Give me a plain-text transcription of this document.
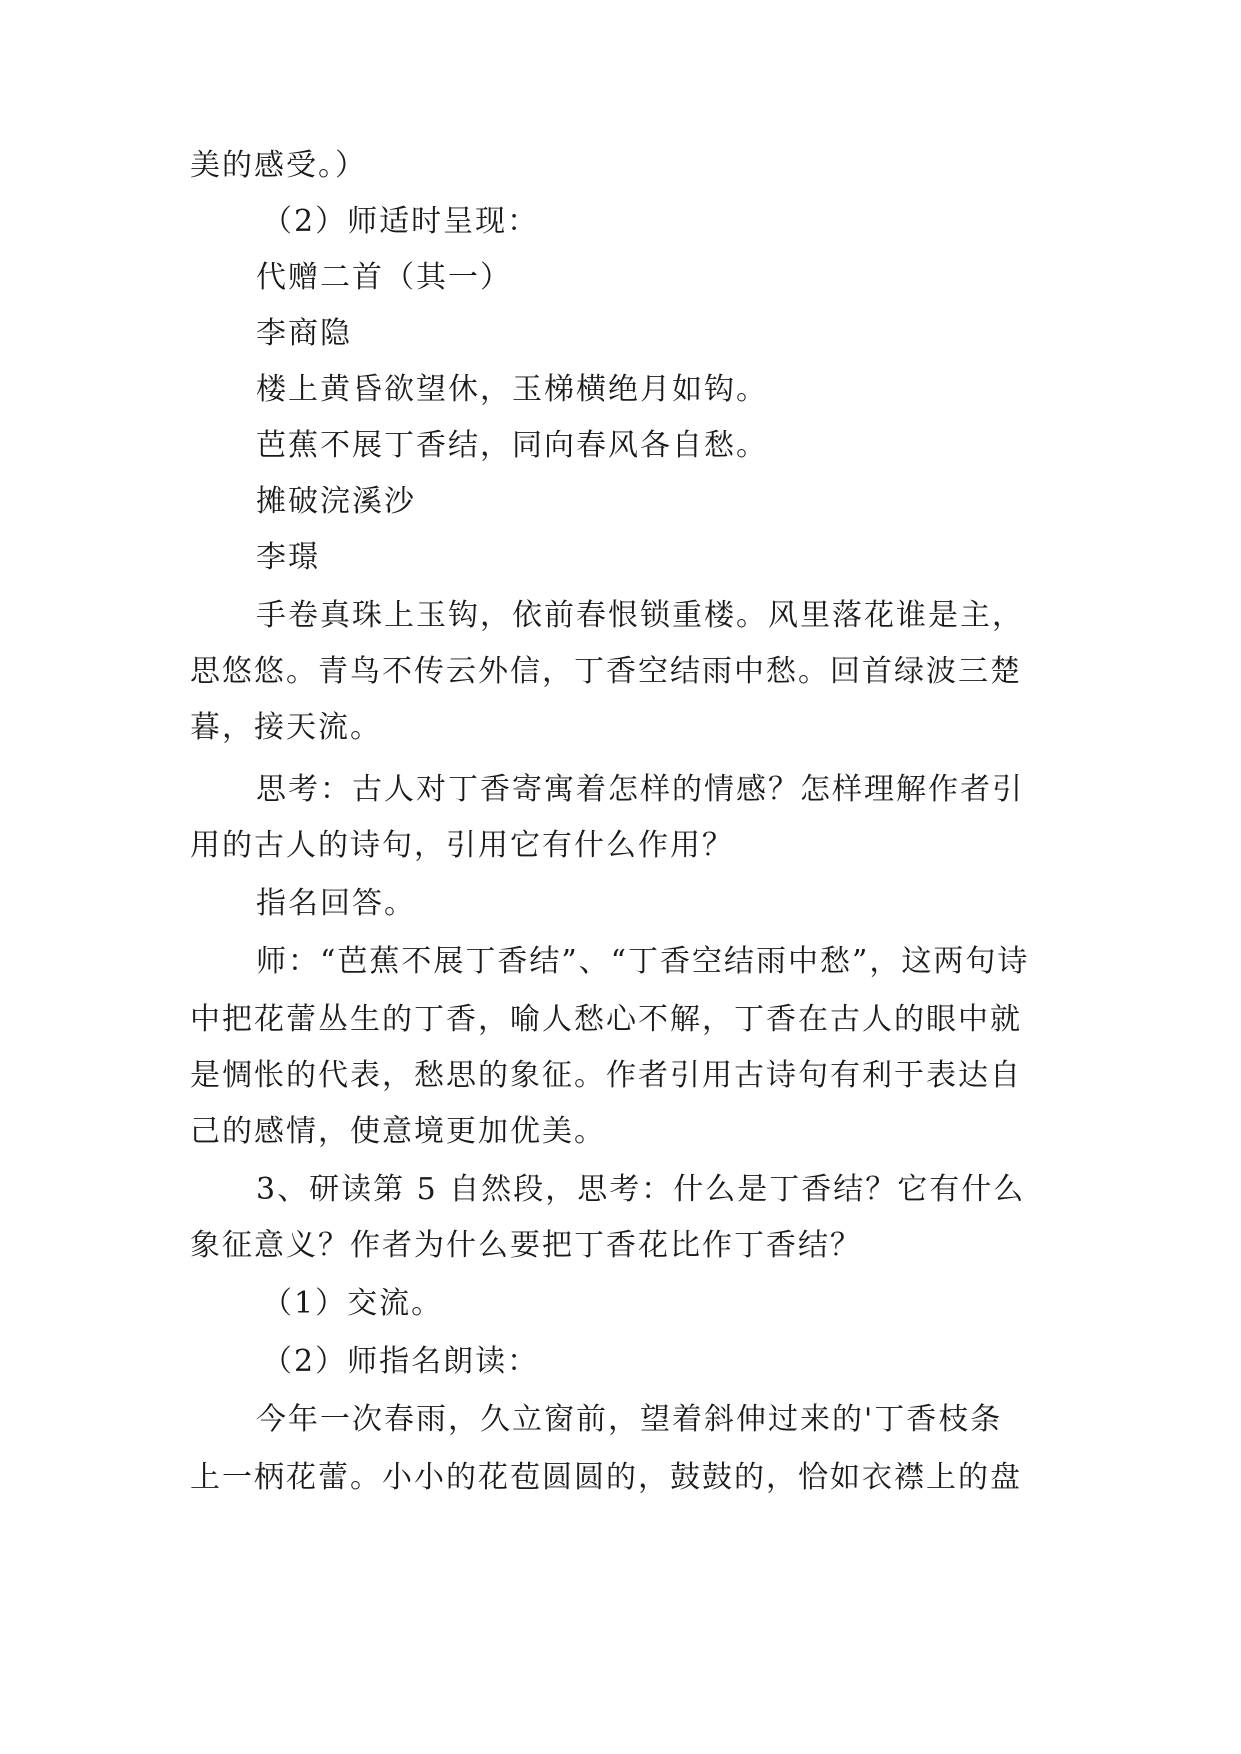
美的感受。）
（2）师适时呈现：
代赠二首（其一）
李商隐
楼上黄昏欲望休，玉梯横绝月如钩。
芭蕉不展丁香结，同向春风各自愁。
摊破浣溪沙
李璟
手卷真珠上玉钩，依前春恨锁重楼。风里落花谁是主，
思悠悠。青鸟不传云外信，丁香空结雨中愁。回首绿波三楚
暮，接天流。
思考：古人对丁香寄寓着怎样的情感？怎样理解作者引
用的古人的诗句，引用它有什么作用？
指名回答。
师：“芭蕉不展丁香结”、“丁香空结雨中愁”，这两句诗
中把花蕾丛生的丁香，喻人愁心不解，丁香在古人的眼中就
是惆怅的代表，愁思的象征。作者引用古诗句有利于表达自
己的感情，使意境更加优美。
3、研读第 5 自然段，思考：什么是丁香结？它有什么
象征意义？作者为什么要把丁香花比作丁香结？
（1）交流。
（2）师指名朗读：
今年一次春雨，久立窗前，望着斜伸过来的'丁香枝条
上一柄花蕾。小小的花苞圆圆的，鼓鼓的，恰如衣襟上的盘
